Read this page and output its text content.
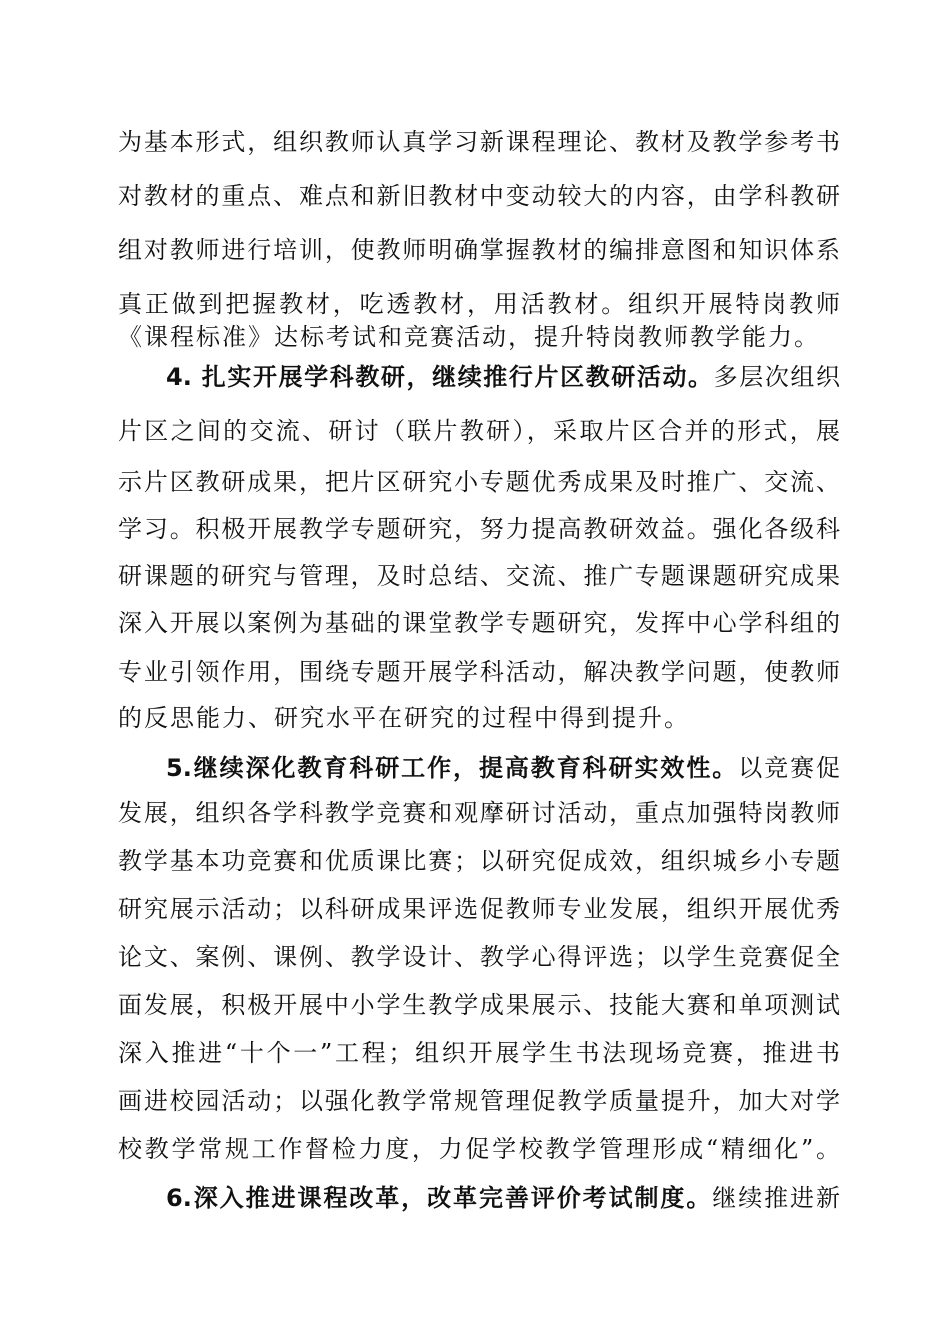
为基本形式，组织教师认真学习新课程理论、教材及教学参考书
对教材的重点、难点和新旧教材中变动较大的内容，由学科教研
组对教师进行培训，使教师明确掌握教材的编排意图和知识体系
真正做到把握教材，吃透教材，用活教材。组织开展特岗教师
《课程标准》达标考试和竞赛活动，提升特岗教师教学能力。
4. 扎实开展学科教研，继续推行片区教研活动。多层次组织
片区之间的交流、研讨（联片教研），采取片区合并的形式，展
示片区教研成果，把片区研究小专题优秀成果及时推广、交流、
学习。积极开展教学专题研究，努力提高教研效益。强化各级科
研课题的研究与管理，及时总结、交流、推广专题课题研究成果
深入开展以案例为基础的课堂教学专题研究，发挥中心学科组的
专业引领作用，围绕专题开展学科活动，解决教学问题，使教师
的反思能力、研究水平在研究的过程中得到提升。
5.继续深化教育科研工作，提高教育科研实效性。以竞赛促
发展，组织各学科教学竞赛和观摩研讨活动，重点加强特岗教师
教学基本功竞赛和优质课比赛；以研究促成效，组织城乡小专题
研究展示活动；以科研成果评选促教师专业发展，组织开展优秀
论文、案例、课例、教学设计、教学心得评选；以学生竞赛促全
面发展，积极开展中小学生教学成果展示、技能大赛和单项测试
深入推进“十个一”工程；组织开展学生书法现场竞赛，推进书
画进校园活动；以强化教学常规管理促教学质量提升，加大对学
校教学常规工作督检力度，力促学校教学管理形成“精细化”。
6.深入推进课程改革，改革完善评价考试制度。继续推进新
